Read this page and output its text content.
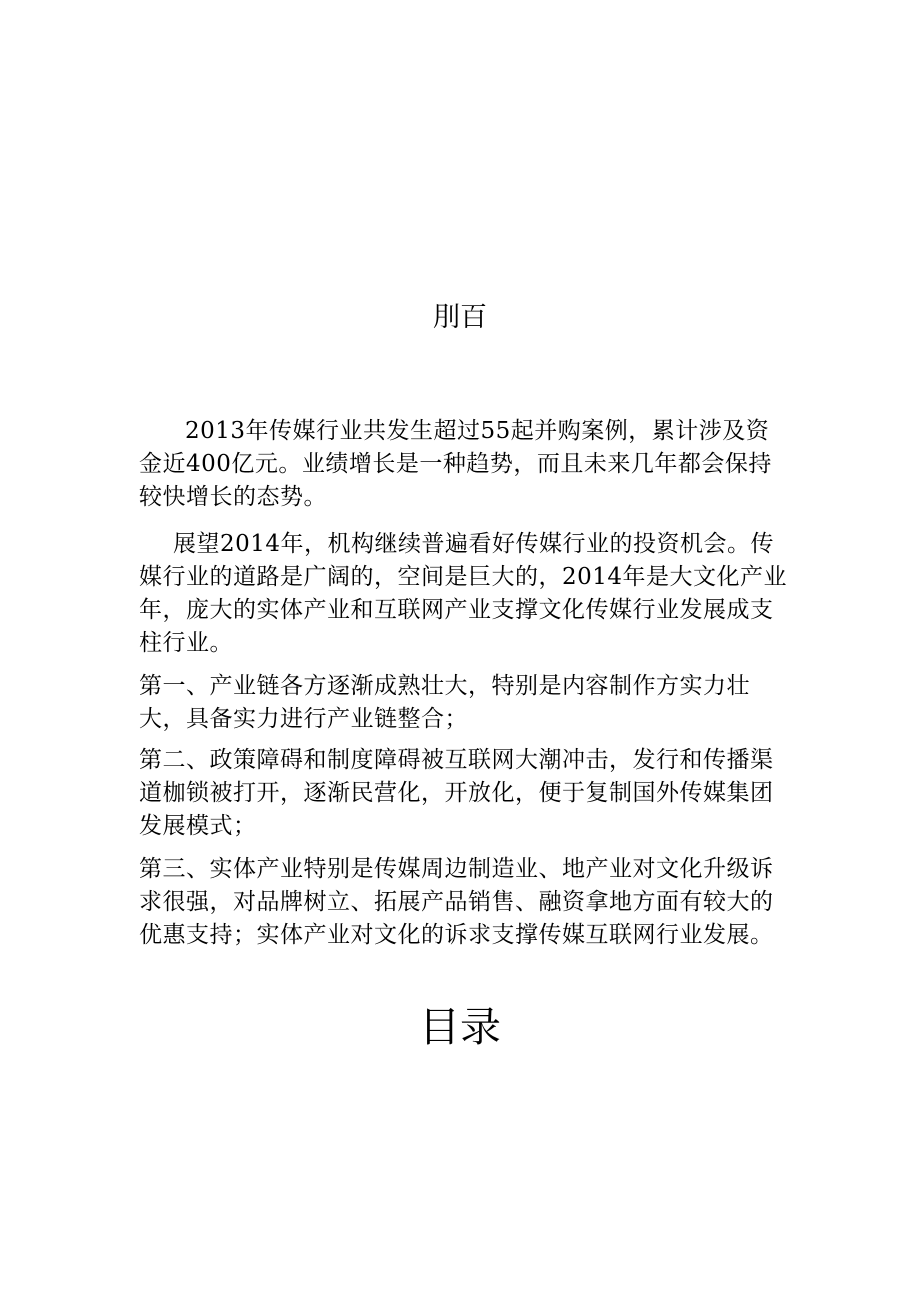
刖百

2013年传媒行业共发生超过55起并购案例，累计涉及资金近400亿元。业绩增长是一种趋势，而且未来几年都会保持较快增长的态势。

展望2014年，机构继续普遍看好传媒行业的投资机会。传媒行业的道路是广阔的，空间是巨大的，2014年是大文化产业年，庞大的实体产业和互联网产业支撑文化传媒行业发展成支柱行业。

第一、产业链各方逐渐成熟壮大，特别是内容制作方实力壮大，具备实力进行产业链整合；

第二、政策障碍和制度障碍被互联网大潮冲击，发行和传播渠道枷锁被打开，逐渐民营化，开放化，便于复制国外传媒集团发展模式；

第三、实体产业特别是传媒周边制造业、地产业对文化升级诉求很强，对品牌树立、拓展产品销售、融资拿地方面有较大的优惠支持；实体产业对文化的诉求支撑传媒互联网行业发展。

目录
